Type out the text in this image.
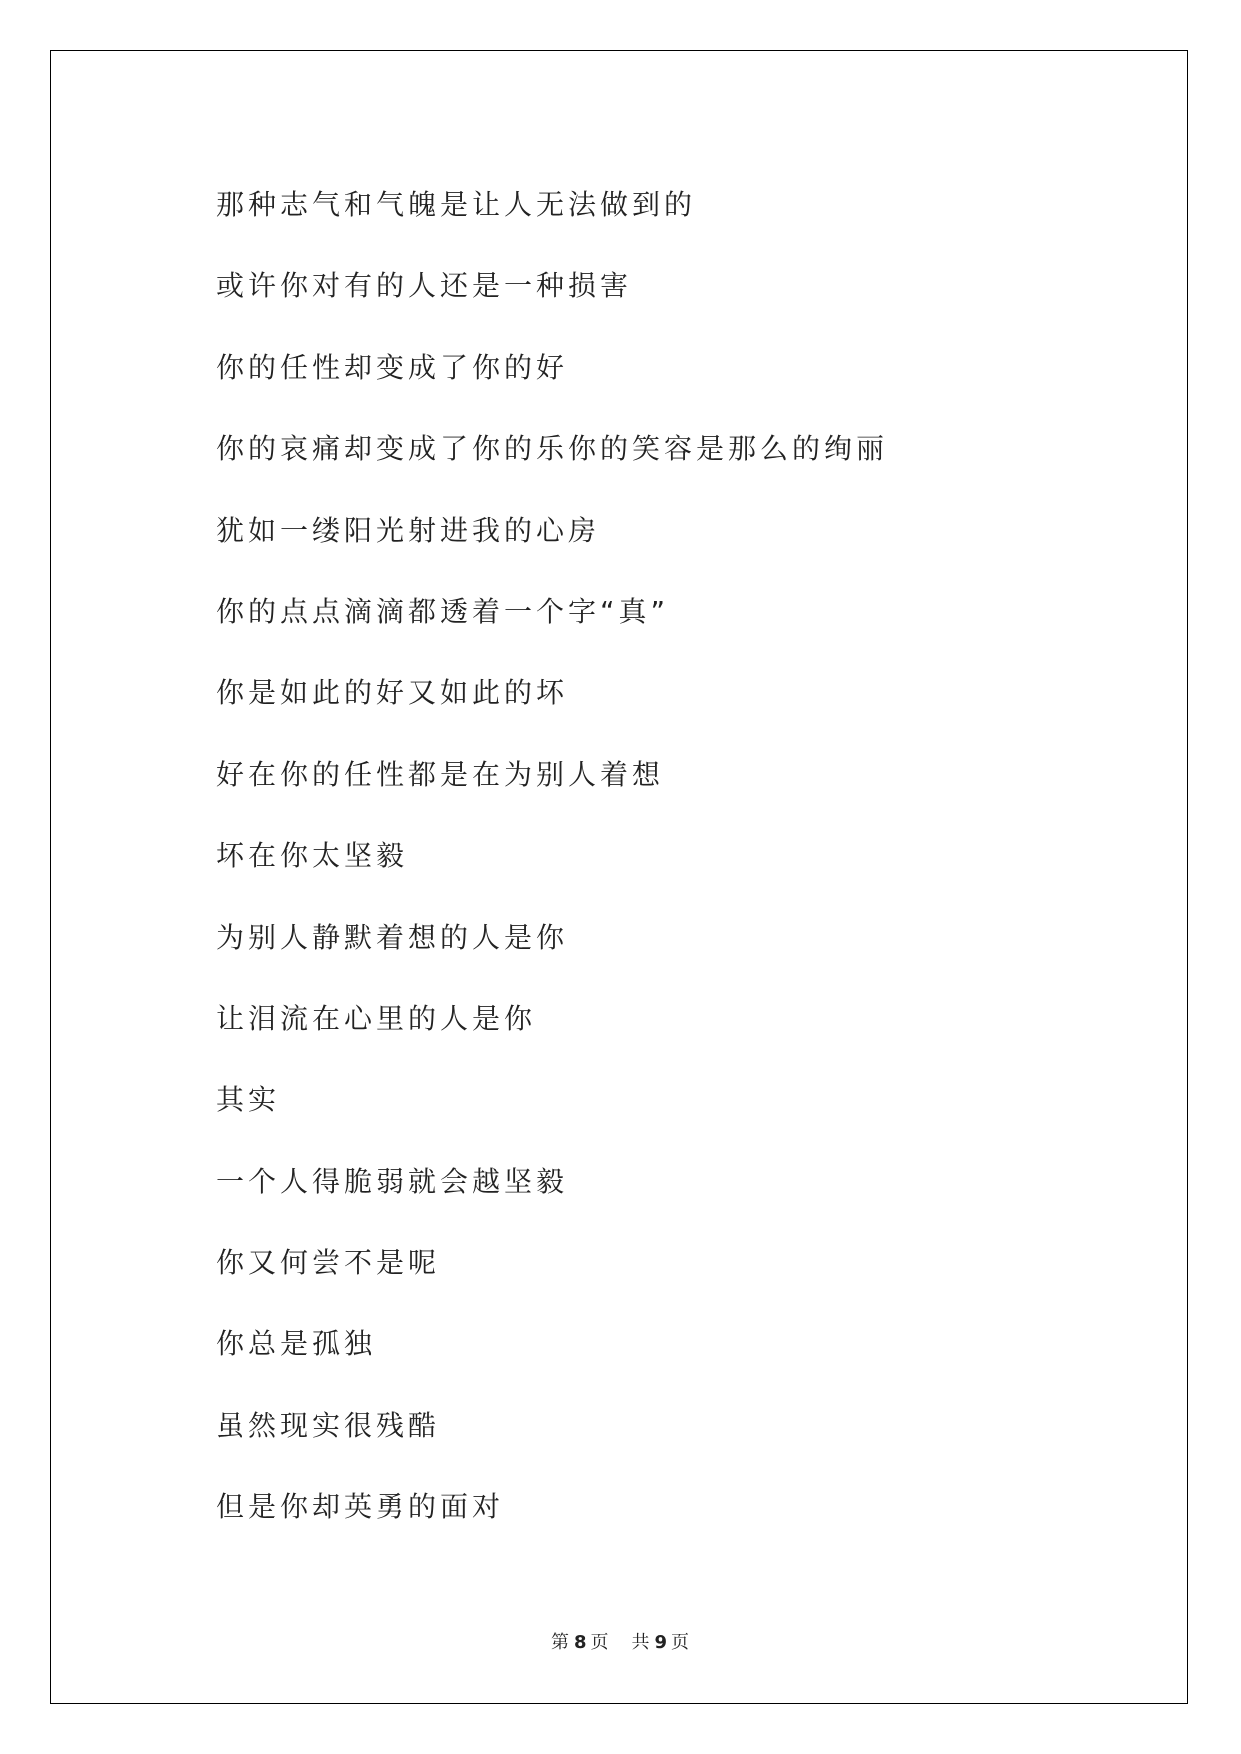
那种志气和气魄是让人无法做到的
或许你对有的人还是一种损害
你的任性却变成了你的好
你的哀痛却变成了你的乐你的笑容是那么的绚丽
犹如一缕阳光射进我的心房
你的点点滴滴都透着一个字“真”
你是如此的好又如此的坏
好在你的任性都是在为别人着想
坏在你太坚毅
为别人静默着想的人是你
让泪流在心里的人是你
其实
一个人得脆弱就会越坚毅
你又何尝不是呢
你总是孤独
虽然现实很残酷
但是你却英勇的面对
第 8 页 共 9 页
